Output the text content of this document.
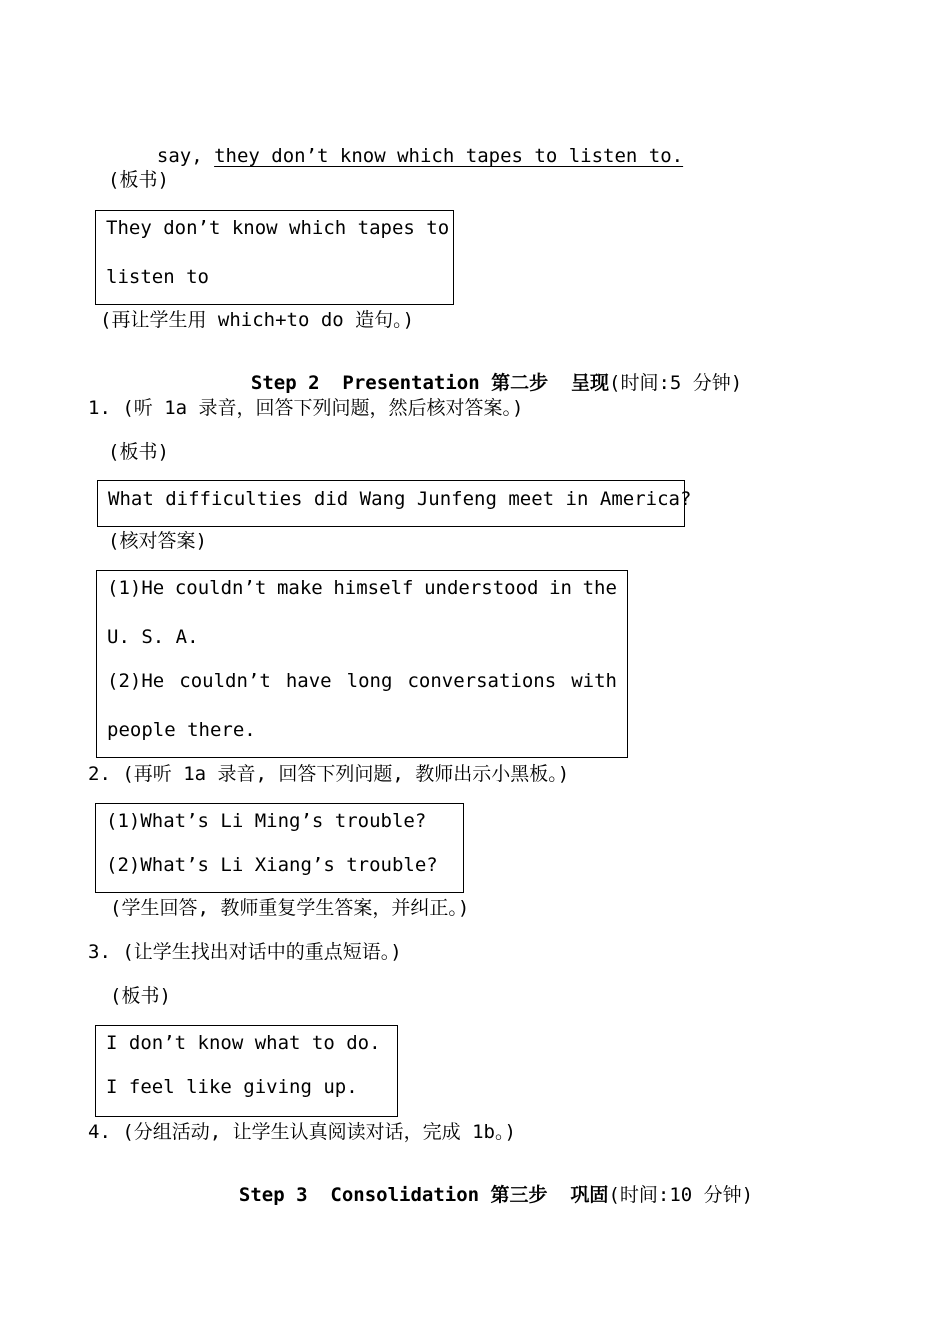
say, they don’t know which tapes to listen to.

(板书)
They don’t know which tapes to
listen to
(再让学生用 which+to do 造句。)

Step 2  Presentation 第二步  呈现(时间:5 分钟)

1. (听 1a 录音，回答下列问题，然后核对答案。)
(板书)
What difficulties did Wang Junfeng meet in America?
(核对答案)
(1)He couldn’t make himself understood in the
U. S. A.
(2)He couldn’t have long conversations with
people there.
2. (再听 1a 录音, 回答下列问题, 教师出示小黑板。)
(1)What’s Li Ming’s trouble?
(2)What’s Li Xiang’s trouble?
(学生回答, 教师重复学生答案，并纠正。)
3. (让学生找出对话中的重点短语。)
(板书)
I don’t know what to do.
I feel like giving up.
4. (分组活动, 让学生认真阅读对话，完成 1b。)

Step 3  Consolidation 第三步  巩固(时间:10 分钟)
